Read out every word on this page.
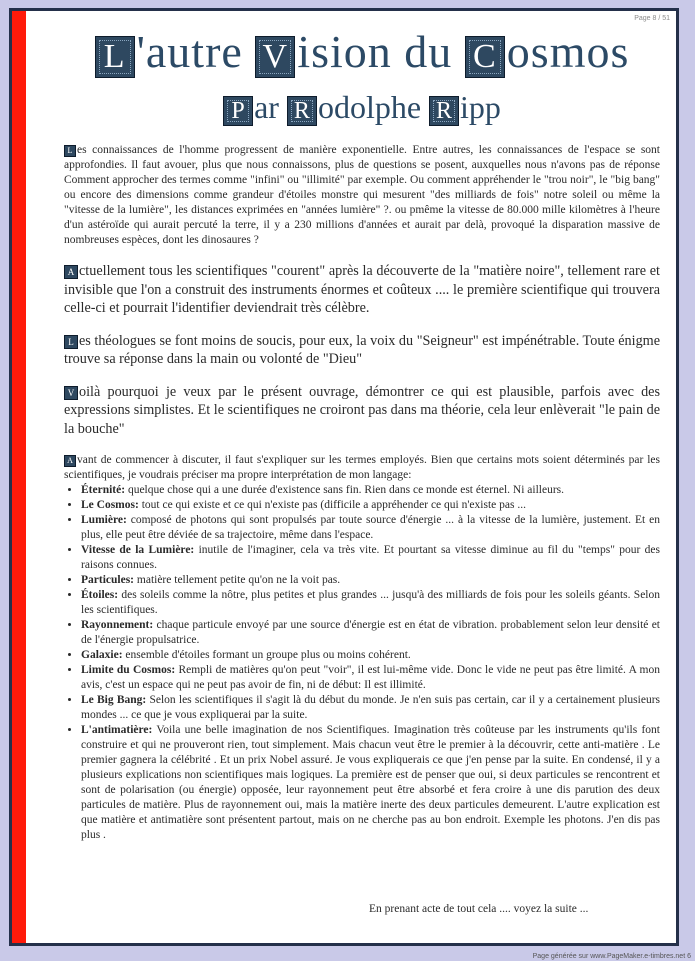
Page 8 / 51
L 'autre V ision du C osmos
P ar R odolphe R ipp

L es connaissances de l'homme progressent de manière exponentielle. Entre autres, les connaissances de l'espace se sont approfondies. Il faut avouer, plus que nous connaissons, plus de questions se posent, auxquelles nous n'avons pas de réponse Comment approcher des termes comme "infini" ou "illimité" par exemple. Ou comment appréhender le "trou noir", le "big bang" ou encore des dimensions comme grandeur d'étoiles monstre qui mesurent "des milliards de fois" notre soleil ou même la "vitesse de la lumière", les distances exprimées en "années lumière" ?. ou pmême la vitesse de 80.000 mille kilomètres à l'heure d'un astéroïde qui aurait percuté la terre, il y a 230 millions d'années et aurait par delà, provoqué la disparation massive de nombreuses espèces, dont les dinosaures ?

A ctuellement tous les scientifiques "courent" après la découverte de la "matière noire", tellement rare et invisible que l'on a construit des instruments énormes et coûteux .... le première scientifique qui trouvera celle-ci et pourrait l'identifier deviendrait très célèbre.

L es théologues se font moins de soucis, pour eux, la voix du "Seigneur" est impénétrable. Toute énigme trouve sa réponse dans la main ou volonté de "Dieu"

V oilà pourquoi je veux par le présent ouvrage, démontrer ce qui est plausible, parfois avec des expressions simplistes. Et le scientifiques ne croiront pas dans ma théorie, cela leur enlèverait "le pain de la bouche"

A vant de commencer à discuter, il faut s'expliquer sur les termes employés. Bien que certains mots soient déterminés par les scientifiques, je voudrais préciser ma propre interprétation de mon langage:

• Éternité: quelque chose qui a une durée d'existence sans fin. Rien dans ce monde est éternel. Ni ailleurs.
• Le Cosmos: tout ce qui existe et ce qui n'existe pas (difficile a appréhender ce qui n'existe pas ...
• Lumière: composé de photons qui sont propulsés par toute source d'énergie ... à la vitesse de la lumière, justement. Et en plus, elle peut être déviée de sa trajectoire, même dans l'espace.
• Vitesse de la Lumière: inutile de l'imaginer, cela va très vite. Et pourtant sa vitesse diminue au fil du "temps" pour des raisons connues.
• Particules: matière tellement petite qu'on ne la voit pas.
• Étoiles: des soleils comme la nôtre, plus petites et plus grandes ... jusqu'à des milliards de fois pour les soleils géants. Selon les scientifiques.
• Rayonnement: chaque particule envoyé par une source d'énergie est en état de vibration. probablement selon leur densité et de l'énergie propulsatrice.
• Galaxie: ensemble d'étoiles formant un groupe plus ou moins cohérent.
• Limite du Cosmos: Rempli de matières qu'on peut "voir", il est lui-même vide. Donc le vide ne peut pas être limité. A mon avis, c'est un espace qui ne peut pas avoir de fin, ni de début: Il est illimité.
• Le Big Bang: Selon les scientifiques il s'agit là du début du monde. Je n'en suis pas certain, car il y a certainement plusieurs mondes ... ce que je vous expliquerai par la suite.
• L'antimatière: Voila une belle imagination de nos Scientifiques. Imagination très coûteuse par les instruments qu'ils font construire et qui ne prouveront rien, tout simplement. Mais chacun veut être le premier à la découvrir, cette anti-matière . Le premier gagnera la célébrité . Et un prix Nobel assuré. Je vous expliquerais ce que j'en pense par la suite. En condensé, il y a plusieurs explications non scientifiques mais logiques. La première est de penser que oui, si deux particules se rencontrent et sont de polarisation (ou énergie) opposée, leur rayonnement peut être absorbé et fera croire à une dis parution des deux particules de matière. Plus de rayonnement oui, mais la matière inerte des deux particules demeurent. L'autre explication est que matière et antimatière sont présentent partout, mais on ne cherche pas au bon endroit. Exemple les photons. J'en dis pas plus .
En prenant acte de tout cela .... voyez la suite ...
Page générée sur www.PageMaker.e-timbres.net 6
